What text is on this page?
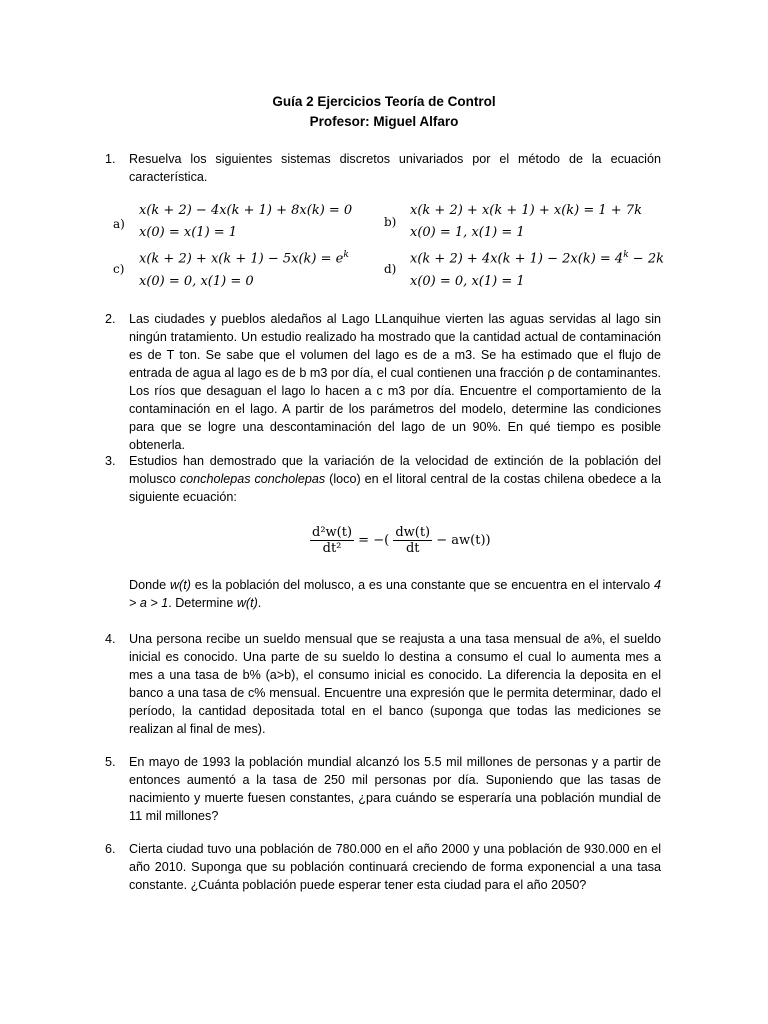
Guía 2 Ejercicios Teoría de Control
Profesor: Miguel Alfaro
1. Resuelva los siguientes sistemas discretos univariados por el método de la ecuación característica.
a)
x(k + 2) − 4x(k + 1) + 8x(k) = 0
x(0) = x(1) = 1
b)
x(k + 2) + x(k + 1) + x(k) = 1 + 7k
x(0) = 1, x(1) = 1
c)
$x(k + 2) + x(k + 1) - 5x(k) = e^k$
x(0) = 0, x(1) = 0
d)
$x(k + 2) + 4x(k + 1) - 2x(k) = 4^k - 2k$
x(0) = 0, x(1) = 1
2. Las ciudades y pueblos aledaños al Lago LLanquihue vierten las aguas servidas al lago sin ningún tratamiento. Un estudio realizado ha mostrado que la cantidad actual de contaminación es de T ton. Se sabe que el volumen del lago es de a m3. Se ha estimado que el flujo de entrada de agua al lago es de b m3 por día, el cual contienen una fracción ρ de contaminantes. Los ríos que desaguan el lago lo hacen a c m3 por día. Encuentre el comportamiento de la contaminación en el lago. A partir de los parámetros del modelo, determine las condiciones para que se logre una descontaminación del lago de un 90%. En qué tiempo es posible obtenerla.
3. Estudios han demostrado que la variación de la velocidad de extinción de la población del molusco concholepas concholepas (loco) en el litoral central de la costas chilena obedece a la siguiente ecuación:
$\frac{\text{d²w(t)}}{\text{dt²}}$ = −( $\frac{dw(t)}{dt} - aw(t)$)
Donde w(t) es la población del molusco, a es una constante que se encuentra en el intervalo 4 > a > 1. Determine w(t).
4. Una persona recibe un sueldo mensual que se reajusta a una tasa mensual de a%, el sueldo inicial es conocido. Una parte de su sueldo lo destina a consumo el cual lo aumenta mes a mes a una tasa de b% (a>b), el consumo inicial es conocido. La diferencia la deposita en el banco a una tasa de c% mensual. Encuentre una expresión que le permita determinar, dado el período, la cantidad depositada total en el banco (suponga que todas las mediciones se realizan al final de mes).
5. En mayo de 1993 la población mundial alcanzó los 5.5 mil millones de personas y a partir de entonces aumentó a la tasa de 250 mil personas por día. Suponiendo que las tasas de nacimiento y muerte fuesen constantes, ¿para cuándo se esperaría una población mundial de 11 mil millones?
6. Cierta ciudad tuvo una población de 780.000 en el año 2000 y una población de 930.000 en el año 2010. Suponga que su población continuará creciendo de forma exponencial a una tasa constante. ¿Cuánta población puede esperar tener esta ciudad para el año 2050?
